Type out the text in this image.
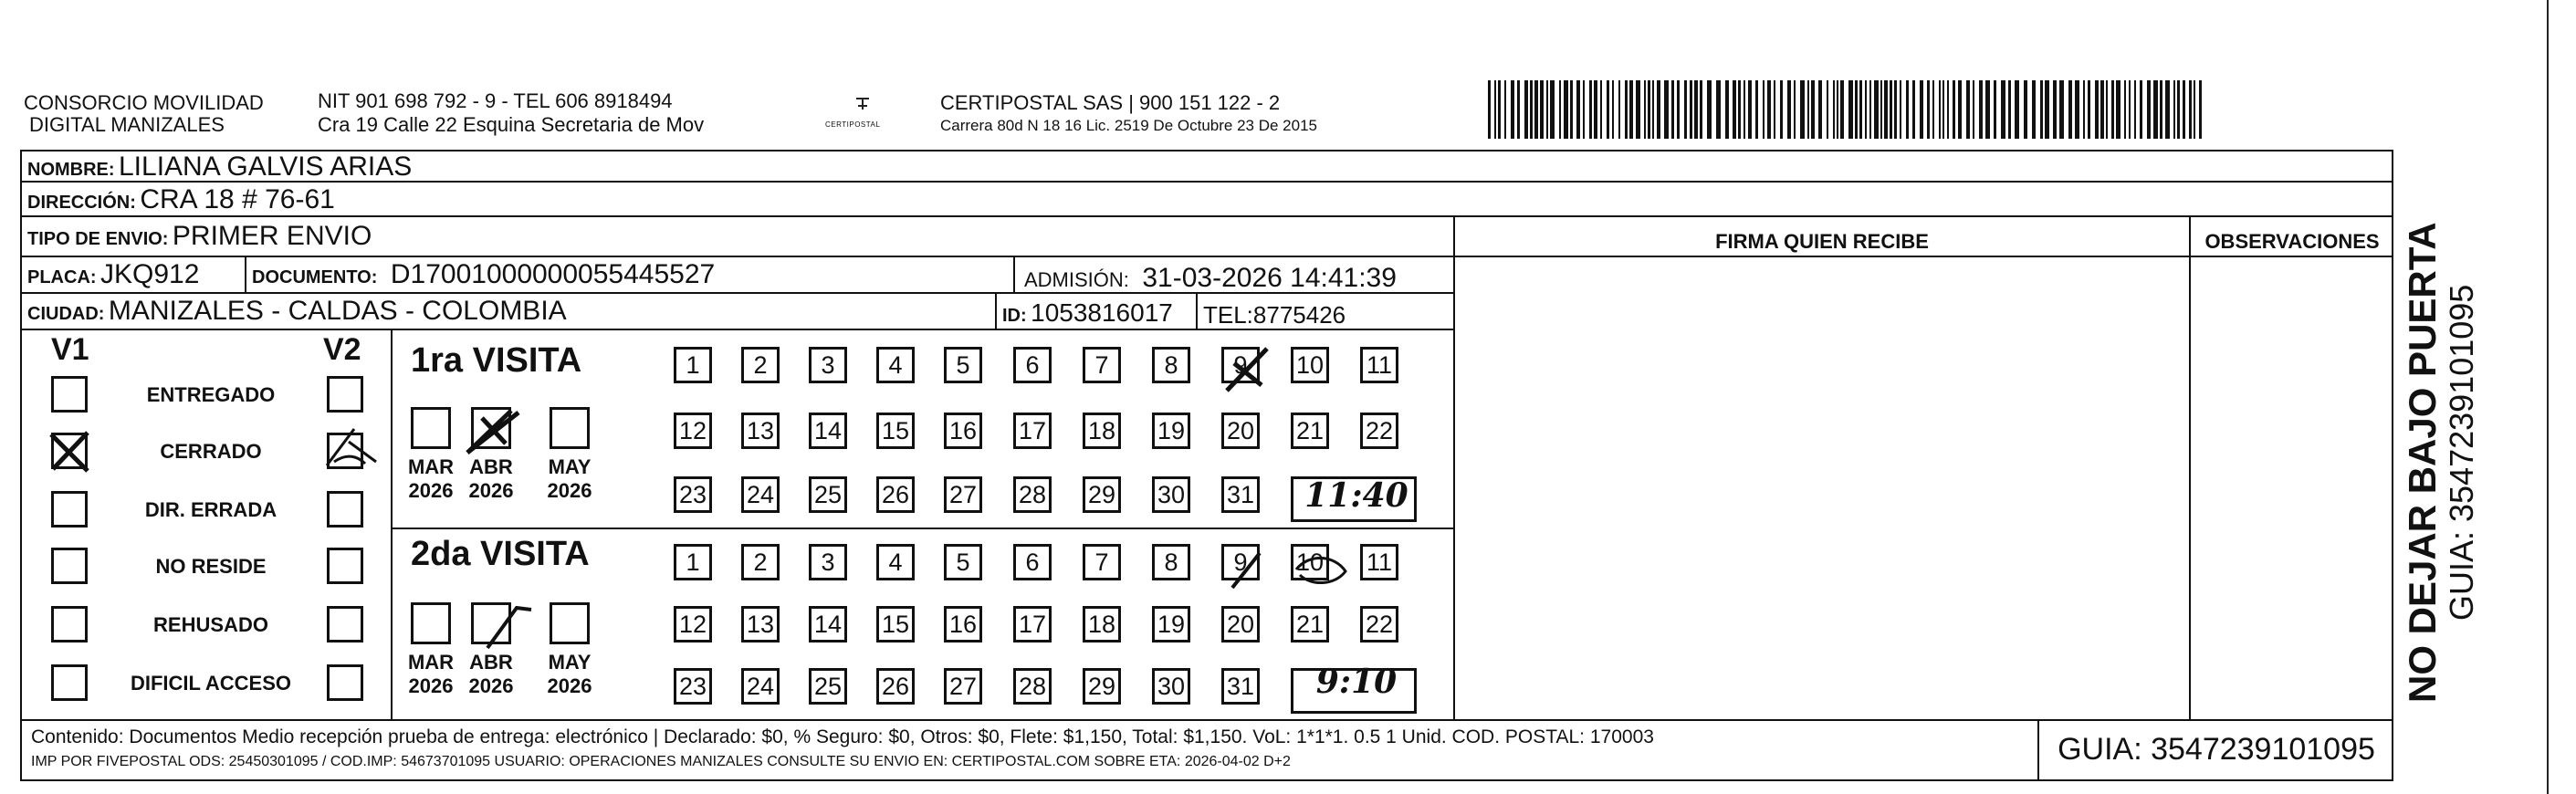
CONSORCIO MOVILIDAD
DIGITAL MANIZALES
NIT 901 698 792 - 9 - TEL 606 8918494
Cra 19 Calle 22 Esquina Secretaria de Mov	CERTIPOSTAL
CERTIPOSTAL SAS | 900 151 122 - 2
Carrera 80d N 18 16 Lic. 2519 De Octubre 23 De 2015
NOMBRE: LILIANA GALVIS ARIAS
DIRECCIÓN: CRA 18 # 76-61
TIPO DE ENVIO: PRIMER ENVIO
PLACA: JKQ912	DOCUMENTO: D17001000000055445527	ADMISIÓN: 31-03-2026 14:41:39
CIUDAD: MANIZALES - CALDAS - COLOMBIA	ID: 1053816017 TEL:8775426
FIRMA QUIEN RECIBE	OBSERVACIONES
V1	V2
ENTREGADO
CERRADO
DIR. ERRADA
NO RESIDE
REHUSADO
DIFICIL ACCESO
1ra VISITA
2da VISITA
MAR
2026
ABR
2026
MAY
2026
MAR
2026
ABR
2026
MAY
2026
1	2	3	4	5	6	7	8	9	10 11
12 13 14 15 16 17 18 19 20 21 22
23 24 25 26 27 28 29 30 31
1	2	3	4	5	6	7	8	9	10 11
12 13 14 15 16 17 18 19 20 21 22
23 24 25 26 27 28 29 30 31
11:40
9:10
Contenido: Documentos Medio recepción prueba de entrega: electrónico | Declarado: $0, % Seguro: $0, Otros: $0, Flete: $1,150, Total: $1,150. VoL: 1*1*1. 0.5 1 Unid. COD. POSTAL: 170003
IMP POR FIVEPOSTAL ODS: 25450301095 / COD.IMP: 54673701095 USUARIO: OPERACIONES MANIZALES CONSULTE SU ENVIO EN: CERTIPOSTAL.COM SOBRE ETA: 2026-04-02 D+2	GUIA: 3547239101095
NO DEJAR BAJO PUERTA GUIA: 3547239101095
